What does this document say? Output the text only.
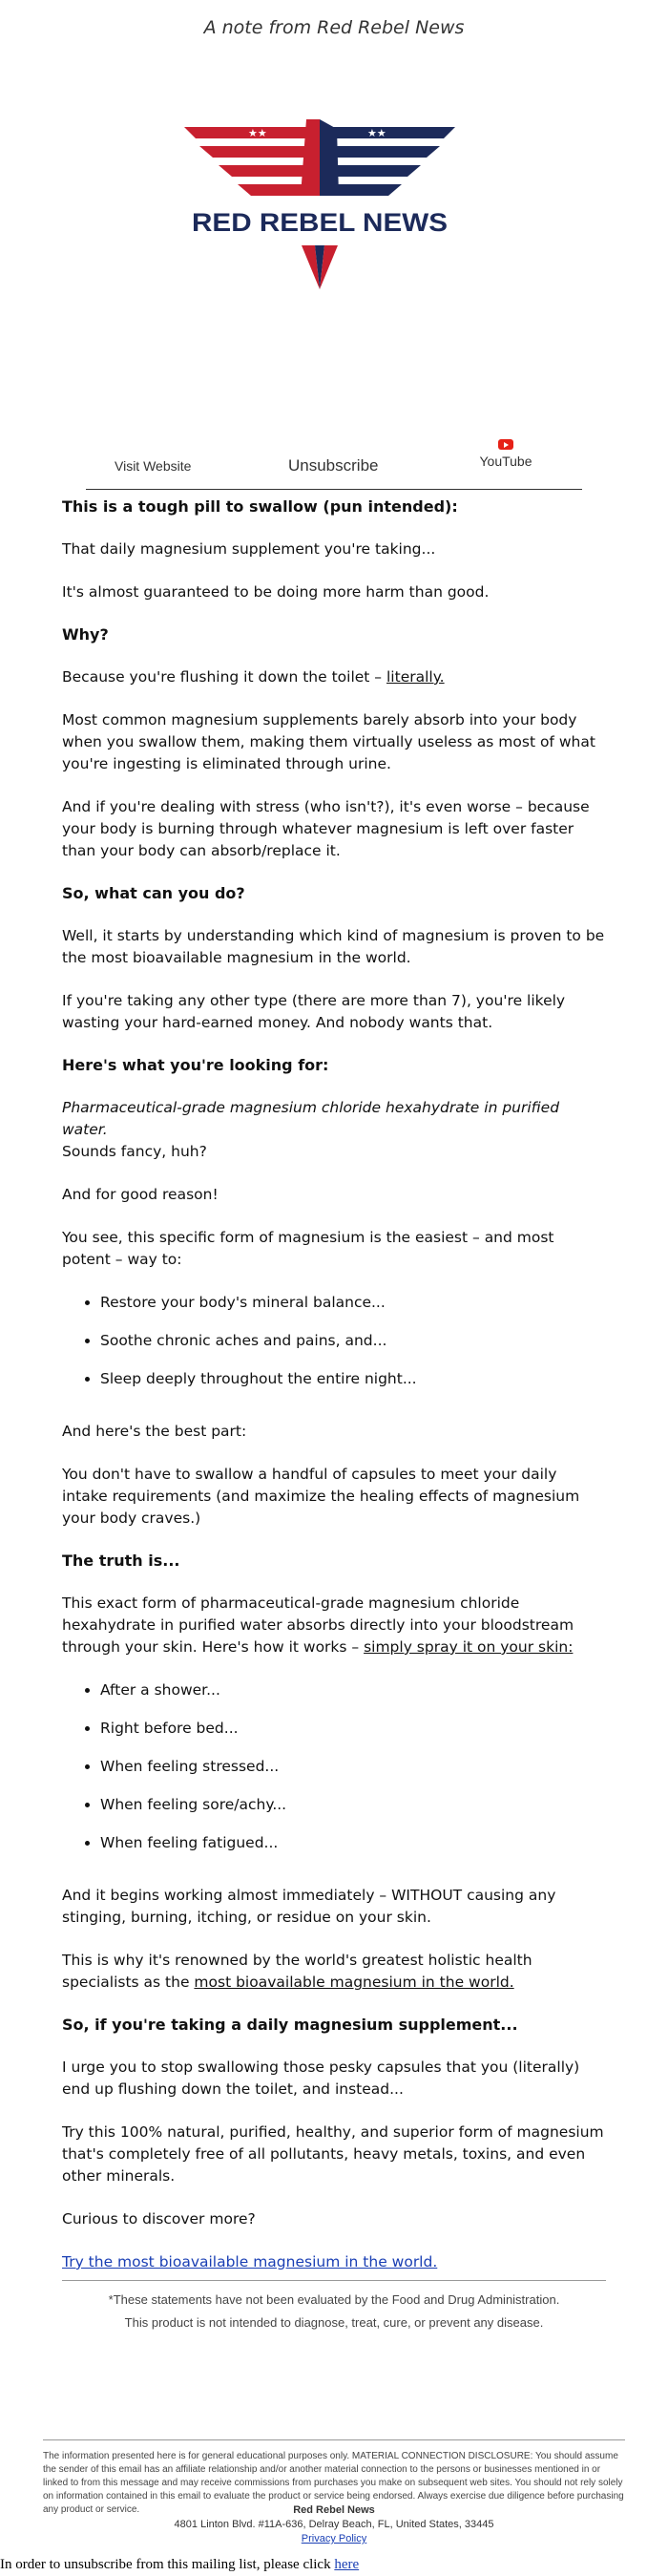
A note from Red Rebel News
★★	★★
RED REBEL NEWS
Visit Website	Unsubscribe	YouTube
This is a tough pill to swallow (pun intended):

That daily magnesium supplement you're taking...

It's almost guaranteed to be doing more harm than good.

Why?

Because you're flushing it down the toilet – literally.

Most common magnesium supplements barely absorb into your body when you swallow them, making them virtually useless as most of what you're ingesting is eliminated through urine.

And if you're dealing with stress (who isn't?), it's even worse – because your body is burning through whatever magnesium is left over faster than your body can absorb/replace it.

So, what can you do?

Well, it starts by understanding which kind of magnesium is proven to be the most bioavailable magnesium in the world.

If you're taking any other type (there are more than 7), you're likely wasting your hard-earned money. And nobody wants that.

Here's what you're looking for:

Pharmaceutical-grade magnesium chloride hexahydrate in purified water.
Sounds fancy, huh?

And for good reason!

You see, this specific form of magnesium is the easiest – and most potent – way to:

• Restore your body's mineral balance...
• Soothe chronic aches and pains, and...
• Sleep deeply throughout the entire night...

And here's the best part:

You don't have to swallow a handful of capsules to meet your daily intake requirements (and maximize the healing effects of magnesium your body craves.)

The truth is...

This exact form of pharmaceutical-grade magnesium chloride hexahydrate in purified water absorbs directly into your bloodstream through your skin. Here's how it works – simply spray it on your skin:

• After a shower...
• Right before bed...
• When feeling stressed...
• When feeling sore/achy...
• When feeling fatigued...

And it begins working almost immediately – WITHOUT causing any stinging, burning, itching, or residue on your skin.

This is why it's renowned by the world's greatest holistic health specialists as the most bioavailable magnesium in the world.

So, if you're taking a daily magnesium supplement...

I urge you to stop swallowing those pesky capsules that you (literally) end up flushing down the toilet, and instead...

Try this 100% natural, purified, healthy, and superior form of magnesium that's completely free of all pollutants, heavy metals, toxins, and even other minerals.

Curious to discover more?

Try the most bioavailable magnesium in the world.

*These statements have not been evaluated by the Food and Drug Administration.
This product is not intended to diagnose, treat, cure, or prevent any disease.
The information presented here is for general educational purposes only. MATERIAL CONNECTION DISCLOSURE: You should assume the sender of this email has an affiliate relationship and/or another material connection to the persons or businesses mentioned in or linked to from this message and may receive commissions from purchases you make on subsequent web sites. You should not rely solely on information contained in this email to evaluate the product or service being endorsed. Always exercise due diligence before purchasing any product or service.	Red Rebel News
4801 Linton Blvd. #11A-636, Delray Beach, FL, United States, 33445
Privacy Policy
In order to unsubscribe from this mailing list, please click here
